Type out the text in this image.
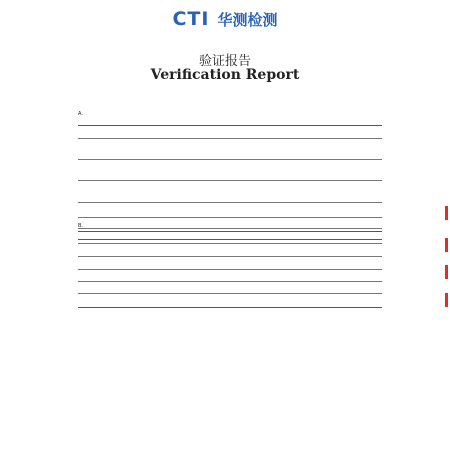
CTI 华测检测
验证报告
Verification Report
A.
B.
